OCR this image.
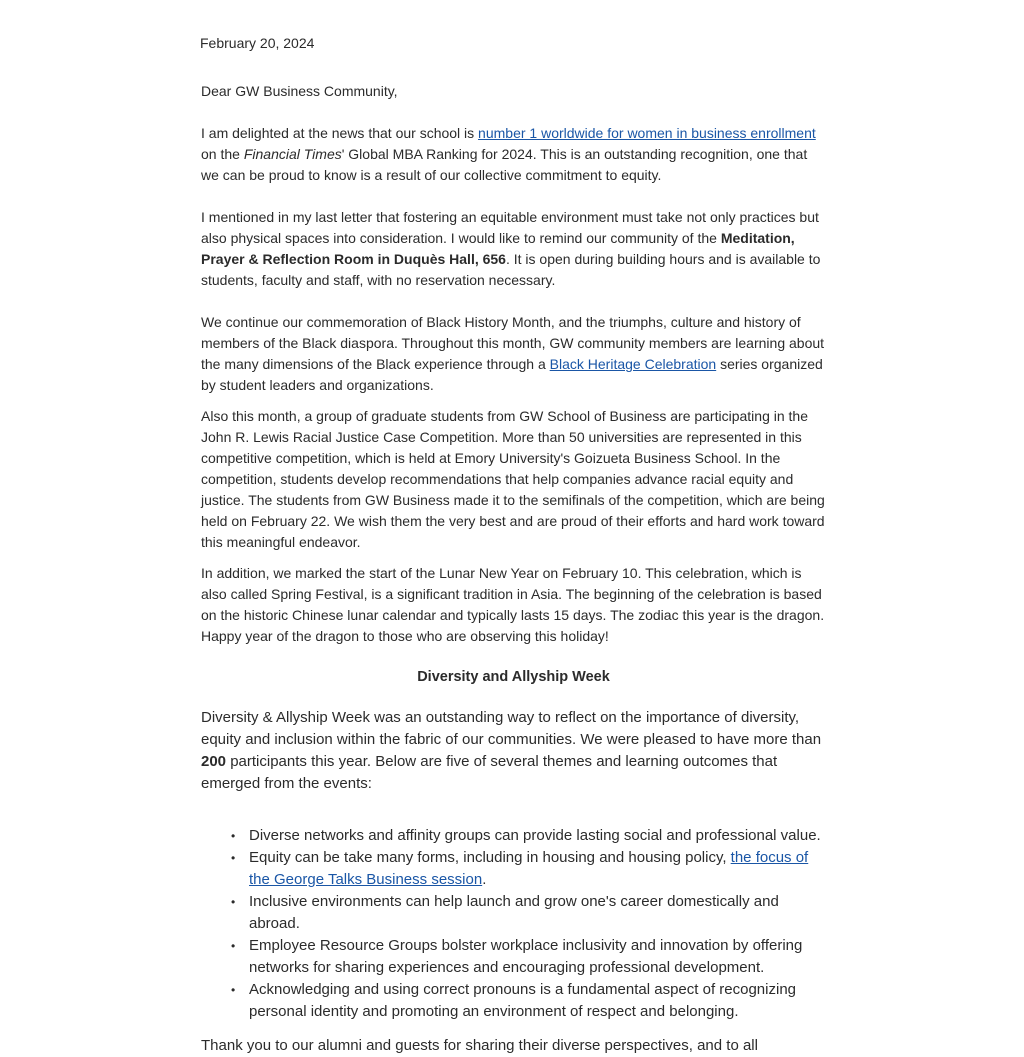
February 20, 2024

Dear GW Business Community,

I am delighted at the news that our school is number 1 worldwide for women in business enrollment on the Financial Times' Global MBA Ranking for 2024. This is an outstanding recognition, one that we can be proud to know is a result of our collective commitment to equity.

I mentioned in my last letter that fostering an equitable environment must take not only practices but also physical spaces into consideration. I would like to remind our community of the Meditation, Prayer & Reflection Room in Duquès Hall, 656. It is open during building hours and is available to students, faculty and staff, with no reservation necessary.

We continue our commemoration of Black History Month, and the triumphs, culture and history of members of the Black diaspora. Throughout this month, GW community members are learning about the many dimensions of the Black experience through a Black Heritage Celebration series organized by student leaders and organizations.

Also this month, a group of graduate students from GW School of Business are participating in the John R. Lewis Racial Justice Case Competition. More than 50 universities are represented in this competitive competition, which is held at Emory University's Goizueta Business School. In the competition, students develop recommendations that help companies advance racial equity and justice. The students from GW Business made it to the semifinals of the competition, which are being held on February 22. We wish them the very best and are proud of their efforts and hard work toward this meaningful endeavor.

In addition, we marked the start of the Lunar New Year on February 10. This celebration, which is also called Spring Festival, is a significant tradition in Asia. The beginning of the celebration is based on the historic Chinese lunar calendar and typically lasts 15 days. The zodiac this year is the dragon. Happy year of the dragon to those who are observing this holiday!

Diversity and Allyship Week

Diversity & Allyship Week was an outstanding way to reflect on the importance of diversity, equity and inclusion within the fabric of our communities. We were pleased to have more than 200 participants this year. Below are five of several themes and learning outcomes that emerged from the events:

• Diverse networks and affinity groups can provide lasting social and professional value.
• Equity can be take many forms, including in housing and housing policy, the focus of the George Talks Business session.
• Inclusive environments can help launch and grow one's career domestically and abroad.
• Employee Resource Groups bolster workplace inclusivity and innovation by offering networks for sharing experiences and encouraging professional development.
• Acknowledging and using correct pronouns is a fundamental aspect of recognizing personal identity and promoting an environment of respect and belonging.

Thank you to our alumni and guests for sharing their diverse perspectives, and to all
